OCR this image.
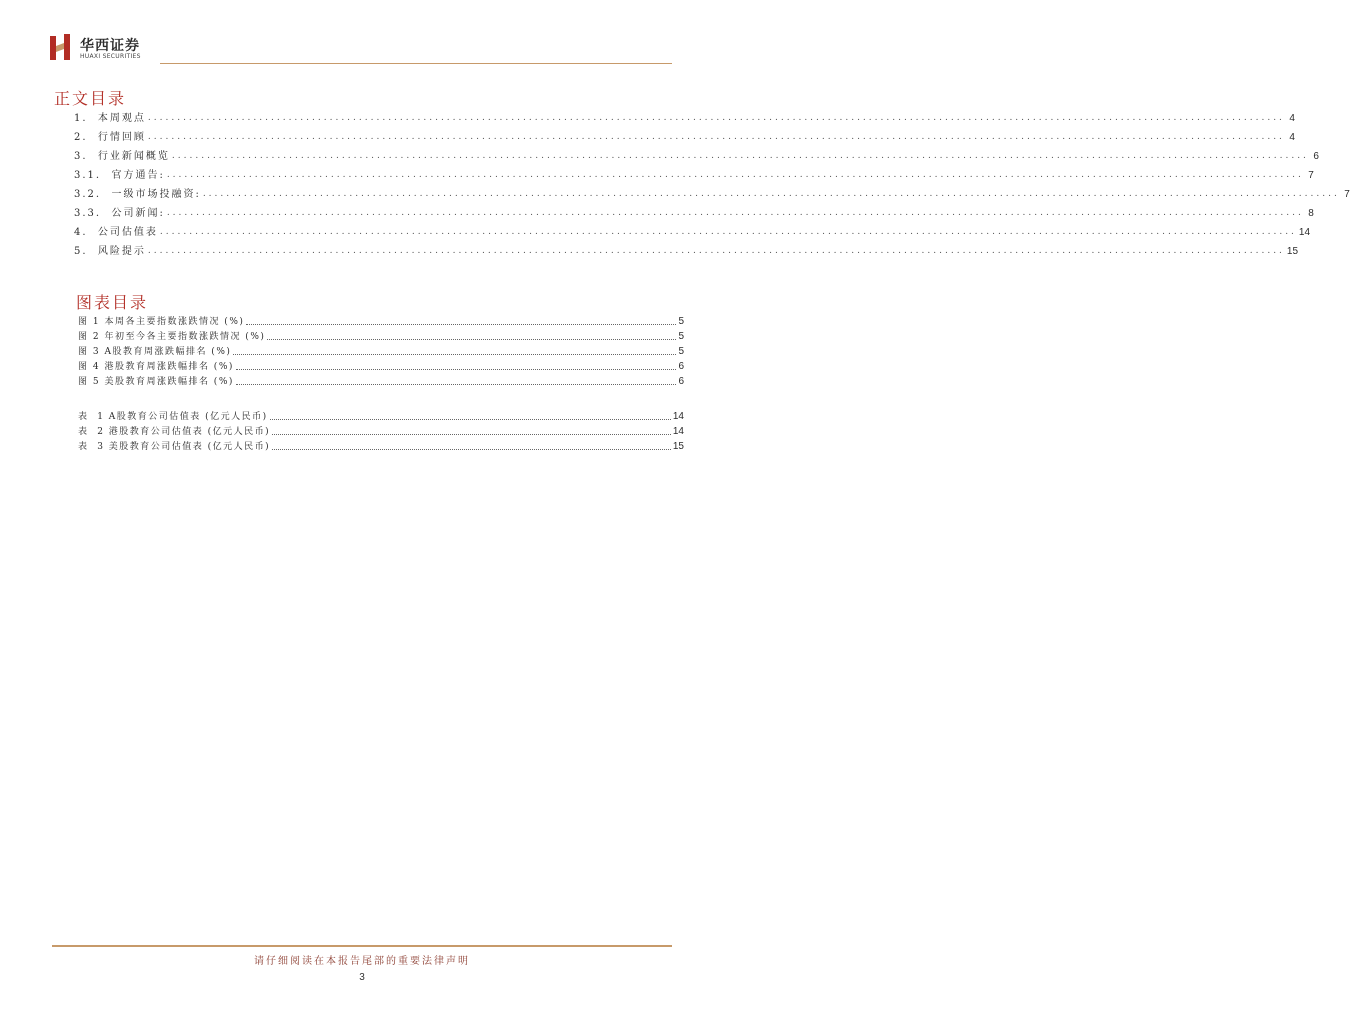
华西证券
HUAXI SECURITIES
正文目录
1.  本周观点 .................................................................................................................................................................................................. 4
2.  行情回顾 .................................................................................................................................................................................................. 4
3.  行业新闻概览 .................................................................................................................................................................................................. 6
3.1.  官方通告: .................................................................................................................................................................................................. 7
3.2.  一级市场投融资: .................................................................................................................................................................................................. 7
3.3.  公司新闻: .................................................................................................................................................................................................. 8
4.  公司估值表 .................................................................................................................................................................................................. 14
5.  风险提示 .................................................................................................................................................................................................. 15
图表目录
图 1 本周各主要指数涨跌情况 (%)	5
图 2 年初至今各主要指数涨跌情况 (%)	5
图 3 A股教育周涨跌幅排名 (%)	5
图 4 港股教育周涨跌幅排名 (%)	6
图 5 美股教育周涨跌幅排名 (%)	6
表  1 A股教育公司估值表 (亿元人民币)	14
表  2 港股教育公司估值表 (亿元人民币)	14
表  3 美股教育公司估值表 (亿元人民币)	15
请仔细阅读在本报告尾部的重要法律声明
3
